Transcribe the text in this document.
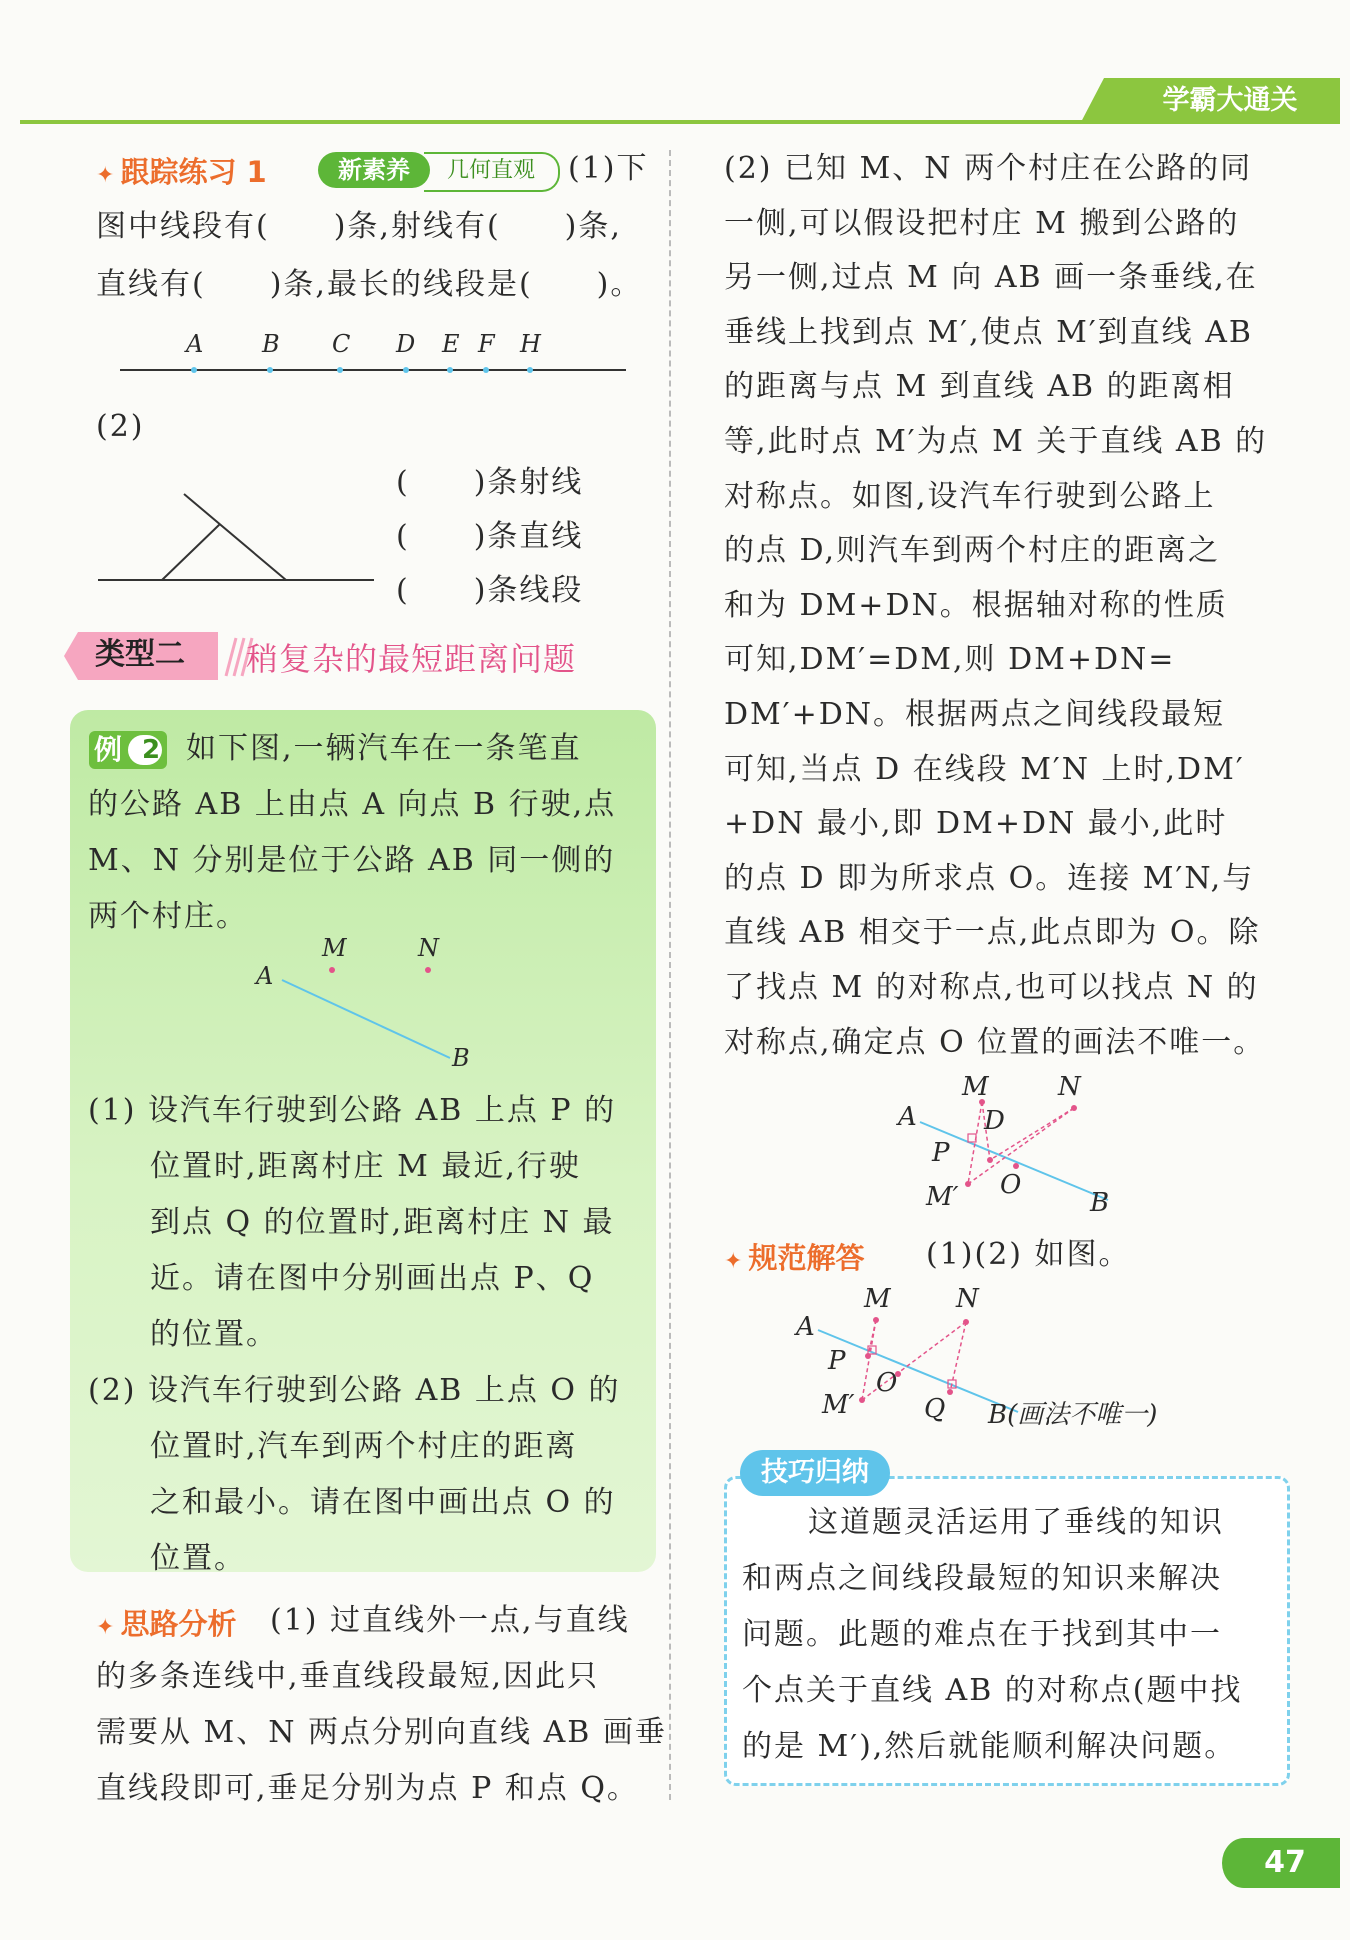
学霸大通关
✦ 跟踪练习 1	新素养	几何直观	(1)下
图中线段有(　　)条,射线有(　　)条,
直线有(　　)条,最长的线段是(　　)。
A B C D E F H
(2)
(　　)条射线
(　　)条直线
(　　)条线段
类型二	稍复杂的最短距离问题
例 2 如下图,一辆汽车在一条笔直
的公路 AB 上由点 A 向点 B 行驶,点
M、N 分别是位于公路 AB 同一侧的
两个村庄。
A
M	N
B
(1) 设汽车行驶到公路 AB 上点 P 的
位置时,距离村庄 M 最近,行驶
到点 Q 的位置时,距离村庄 N 最
近。请在图中分别画出点 P、Q
的位置。
(2) 设汽车行驶到公路 AB 上点 O 的
位置时,汽车到两个村庄的距离
之和最小。请在图中画出点 O 的
位置。
✦ 思路分析 (1) 过直线外一点,与直线
的多条连线中,垂直线段最短,因此只
需要从 M、N 两点分别向直线 AB 画垂
直线段即可,垂足分别为点 P 和点 Q。
(2) 已知 M、N 两个村庄在公路的同
一侧,可以假设把村庄 M 搬到公路的
另一侧,过点 M 向 AB 画一条垂线,在
垂线上找到点 M′,使点 M′到直线 AB
的距离与点 M 到直线 AB 的距离相
等,此时点 M′为点 M 关于直线 AB 的
对称点。如图,设汽车行驶到公路上
的点 D,则汽车到两个村庄的距离之
和为 DM+DN。根据轴对称的性质
可知,DM′=DM,则 DM+DN=
DM′+DN。根据两点之间线段最短
可知,当点 D 在线段 M′N 上时,DM′
+DN 最小,即 DM+DN 最小,此时
的点 D 即为所求点 O。连接 M′N,与
直线 AB 相交于一点,此点即为 O。除
了找点 M 的对称点,也可以找点 N 的
对称点,确定点 O 位置的画法不唯一。
M	N
A	D
P
M′ O
B
✦ 规范解答 (1)(2) 如图。
M	N
A
P
O
M′	Q B(画法不唯一)
技巧归纳
这道题灵活运用了垂线的知识
和两点之间线段最短的知识来解决
问题。此题的难点在于找到其中一
个点关于直线 AB 的对称点(题中找
的是 M′),然后就能顺利解决问题。
47
